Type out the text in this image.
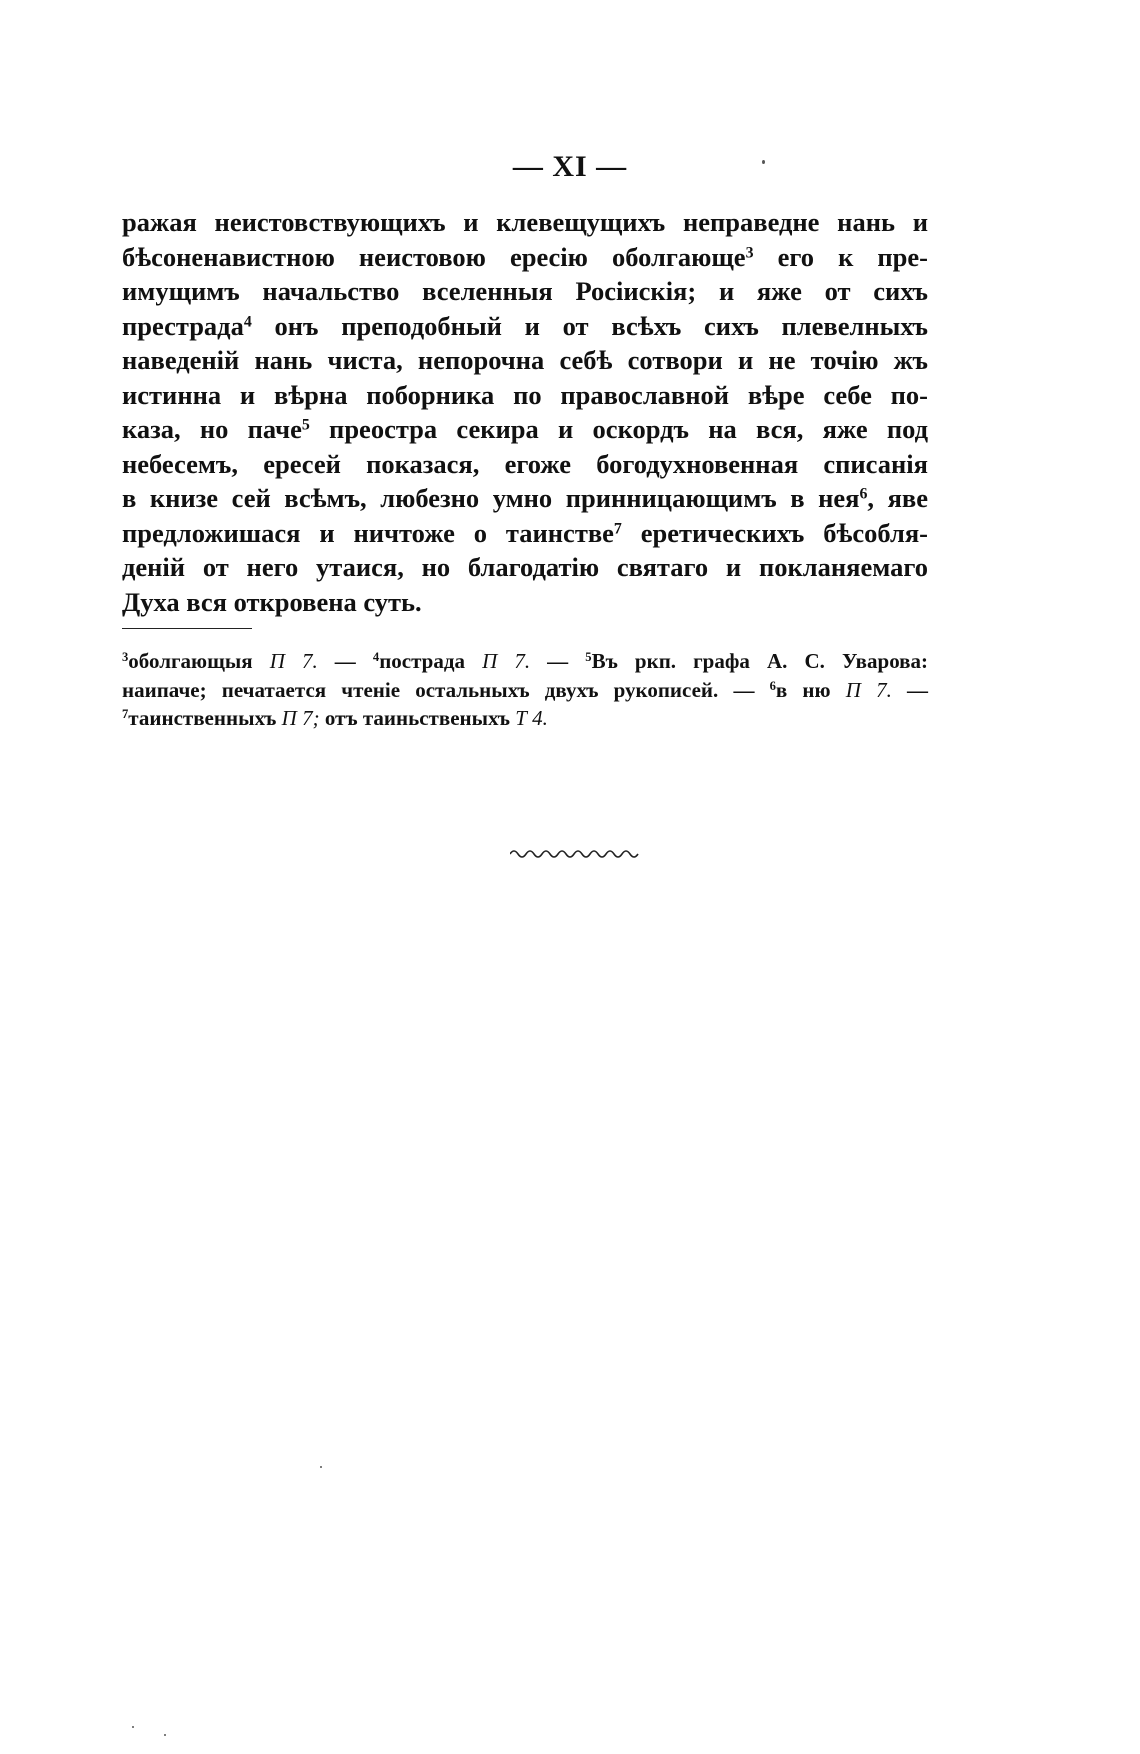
— XI —
ражая неистовствующихъ и клевещущихъ неправедне нань и
бѣсоненавистною неистовою ересію оболгающе$^3$ его к пре-
имущимъ начальство вселенныя Росіискія; и яже от сихъ
престрада$^4$ онъ преподобный и от всѣхъ сихъ плевелныхъ
наведеній нань чиста, непорочна себѣ сотвори и не точію жъ
истинна и вѣрна поборника по православной вѣре себе по-
каза, но паче$^5$ преостра секира и оскордъ на вся, яже под
небесемъ, ересей показася, егоже богодухновенная списанія
в книзе сей всѣмъ, любезно умно принницающимъ в нея$^6$, яве
предложишася и ничтоже о таинстве$^7$ еретическихъ бѣсобля-
деній от него утаися, но благодатію святаго и покланяемаго
Духа вся откровена суть.
$^3$оболгающыя П 7. — $^4$пострада П 7. — $^5$Въ ркп. графа А. С. Уварова:
наипаче; печатается чтеніе остальныхъ двухъ рукописей. — $^6$в ню П 7. —
$^7$таинственныхъ П 7; отъ таиньственыхъ Т 4.
